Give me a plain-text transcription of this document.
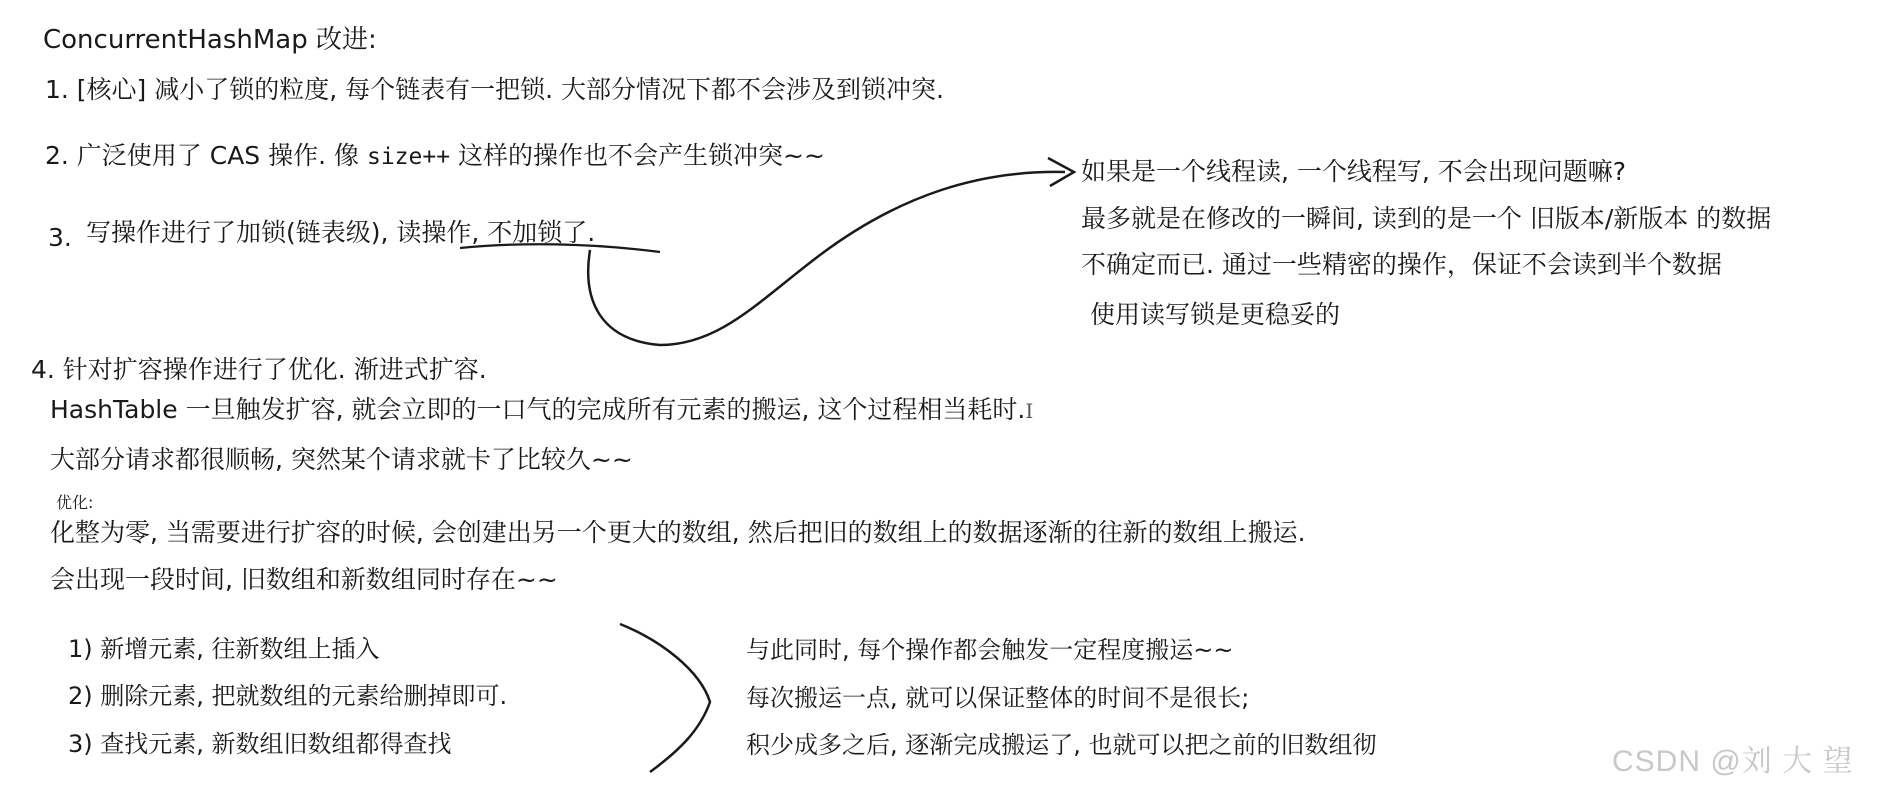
ConcurrentHashMap 改进:
1. [核心] 减小了锁的粒度, 每个链表有一把锁. 大部分情况下都不会涉及到锁冲突.
2. 广泛使用了 CAS 操作. 像 size++ 这样的操作也不会产生锁冲突~~
3. 写操作进行了加锁(链表级), 读操作, 不加锁了.
如果是一个线程读, 一个线程写, 不会出现问题嘛?
最多就是在修改的一瞬间, 读到的是一个 旧版本/新版本 的数据
不确定而已. 通过一些精密的操作，保证不会读到半个数据
使用读写锁是更稳妥的
4. 针对扩容操作进行了优化. 渐进式扩容.
HashTable 一旦触发扩容, 就会立即的一口气的完成所有元素的搬运, 这个过程相当耗时.I
大部分请求都很顺畅, 突然某个请求就卡了比较久~~
优化:
化整为零, 当需要进行扩容的时候, 会创建出另一个更大的数组, 然后把旧的数组上的数据逐渐的往新的数组上搬运.
会出现一段时间, 旧数组和新数组同时存在~~
1) 新增元素, 往新数组上插入
2) 删除元素, 把就数组的元素给删掉即可.
3) 查找元素, 新数组旧数组都得查找
与此同时, 每个操作都会触发一定程度搬运~~
每次搬运一点, 就可以保证整体的时间不是很长;
积少成多之后, 逐渐完成搬运了, 也就可以把之前的旧数组彻	CSDN @刘 大 望
